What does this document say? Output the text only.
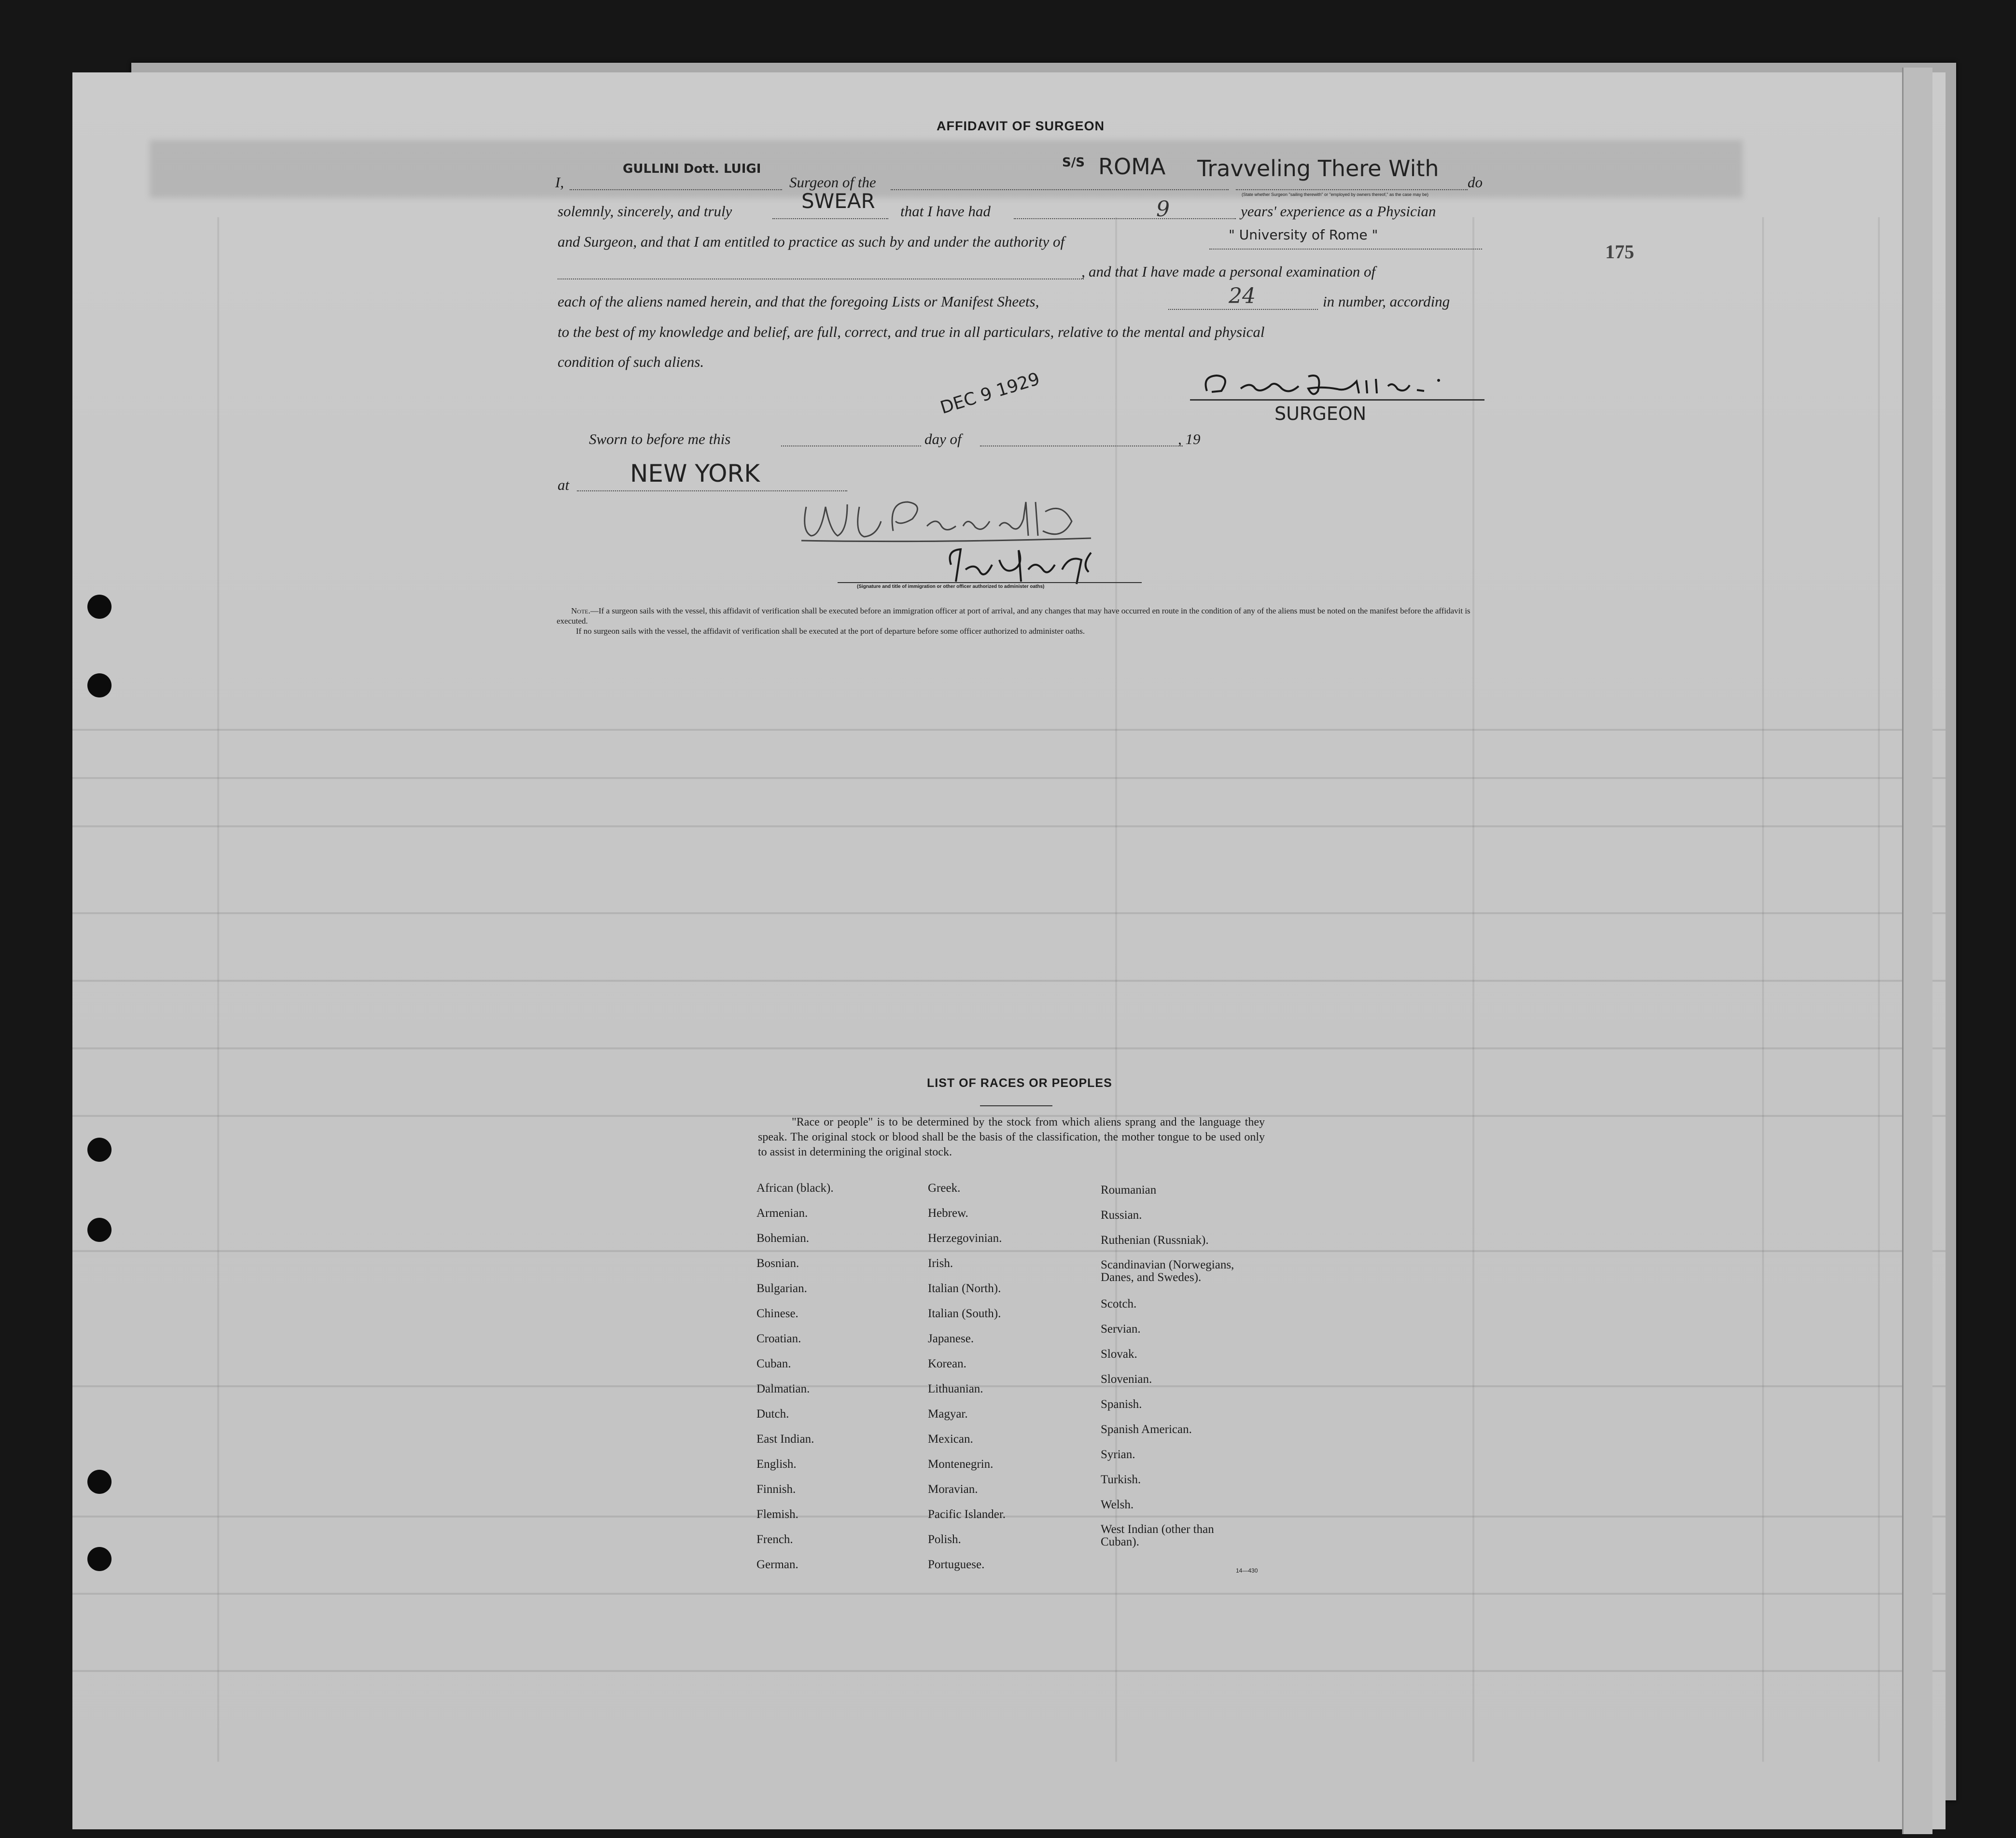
175
AFFIDAVIT OF SURGEON
I,
GULLINI Dott. LUIGI
Surgeon of the
S/S ROMA Travveling There With
do
(State whether Surgeon "sailing therewith" or "employed by owners thereof," as the case may be)
solemnly, sincerely, and truly	SWEAR that I have had	9	years' experience as a Physician
and Surgeon, and that I am entitled to practice as such by and under the authority of	" University of Rome "
and that I have made a personal examination of
,
each of the aliens named herein, and that the foregoing Lists or Manifest Sheets,	24	in number, according
to the best of my knowledge and belief, are full, correct, and true in all particulars, relative to the mental and physical
condition of such aliens.
SURGEON
Sworn to before me this	day of	, 19
DEC 9 1929
at	NEW YORK
(Signature and title of immigration or other officer authorized to administer oaths)
Note.—If a surgeon sails with the vessel, this affidavit of verification shall be executed before an immigration officer at port of arrival, and any changes that may have occurred en route in the condition of any of the aliens must be noted on the manifest before the affidavit is executed.
If no surgeon sails with the vessel, the affidavit of verification shall be executed at the port of departure before some officer authorized to administer oaths.
LIST OF RACES OR PEOPLES
"Race or people" is to be determined by the stock from which aliens sprang and the language they speak. The original stock or blood shall be the basis of the classification, the mother tongue to be used only to assist in determining the original stock.
African (black).
Armenian.
Bohemian.
Bosnian.
Bulgarian.
Chinese.
Croatian.
Cuban.
Dalmatian.
Dutch.
East Indian.
English.
Finnish.
Flemish.
French.
German.
Greek.
Hebrew.
Herzegovinian.
Irish.
Italian (North).
Italian (South).
Japanese.
Korean.
Lithuanian.
Magyar.
Mexican.
Montenegrin.
Moravian.
Pacific Islander.
Polish.
Portuguese.
Roumanian
Russian.
Ruthenian (Russniak).
Scandinavian (Norwegians, Danes, and Swedes).
Scotch.
Servian.
Slovak.
Slovenian.
Spanish.
Spanish American.
Syrian.
Turkish.
Welsh.
West Indian (other than Cuban).
14—430
